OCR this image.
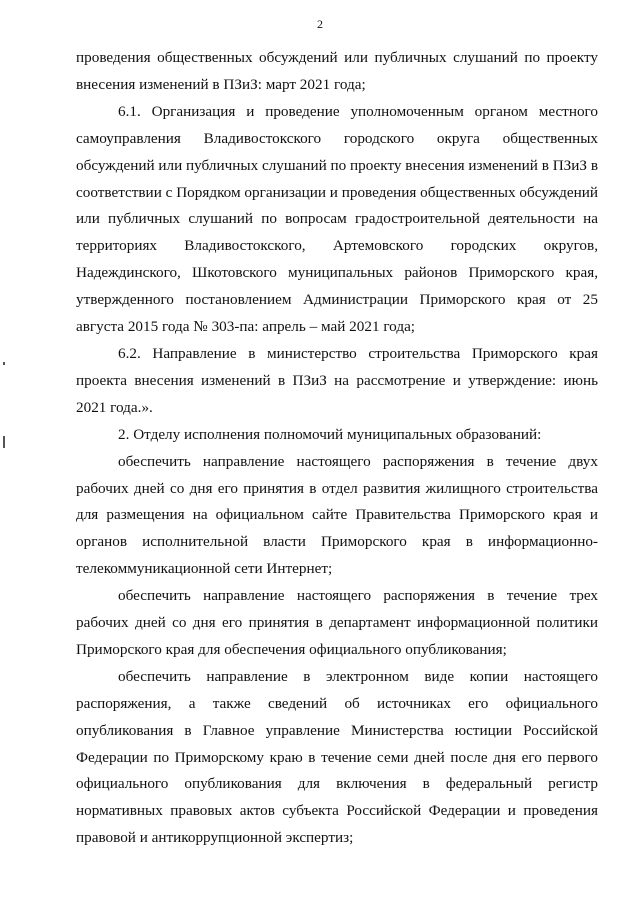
2

проведения общественных обсуждений или публичных слушаний по проекту внесения изменений в ПЗиЗ: март 2021 года;

6.1. Организация и проведение уполномоченным органом местного самоуправления Владивостокского городского округа общественных обсуждений или публичных слушаний по проекту внесения изменений в ПЗиЗ в соответствии с Порядком организации и проведения общественных обсуждений или публичных слушаний по вопросам градостроительной деятельности на территориях Владивостокского, Артемовского городских округов, Надеждинского, Шкотовского муниципальных районов Приморского края, утвержденного постановлением Администрации Приморского края от 25 августа 2015 года № 303-па: апрель – май 2021 года;

6.2. Направление в министерство строительства Приморского края проекта внесения изменений в ПЗиЗ на рассмотрение и утверждение: июнь 2021 года.».

2. Отделу исполнения полномочий муниципальных образований:

обеспечить направление настоящего распоряжения в течение двух рабочих дней со дня его принятия в отдел развития жилищного строительства для размещения на официальном сайте Правительства Приморского края и органов исполнительной власти Приморского края в информационно-телекоммуникационной сети Интернет;

обеспечить направление настоящего распоряжения в течение трех рабочих дней со дня его принятия в департамент информационной политики Приморского края для обеспечения официального опубликования;

обеспечить направление в электронном виде копии настоящего распоряжения, а также сведений об источниках его официального опубликования в Главное управление Министерства юстиции Российской Федерации по Приморскому краю в течение семи дней после дня его первого официального опубликования для включения в федеральный регистр нормативных правовых актов субъекта Российской Федерации и проведения правовой и антикоррупционной экспертиз;
